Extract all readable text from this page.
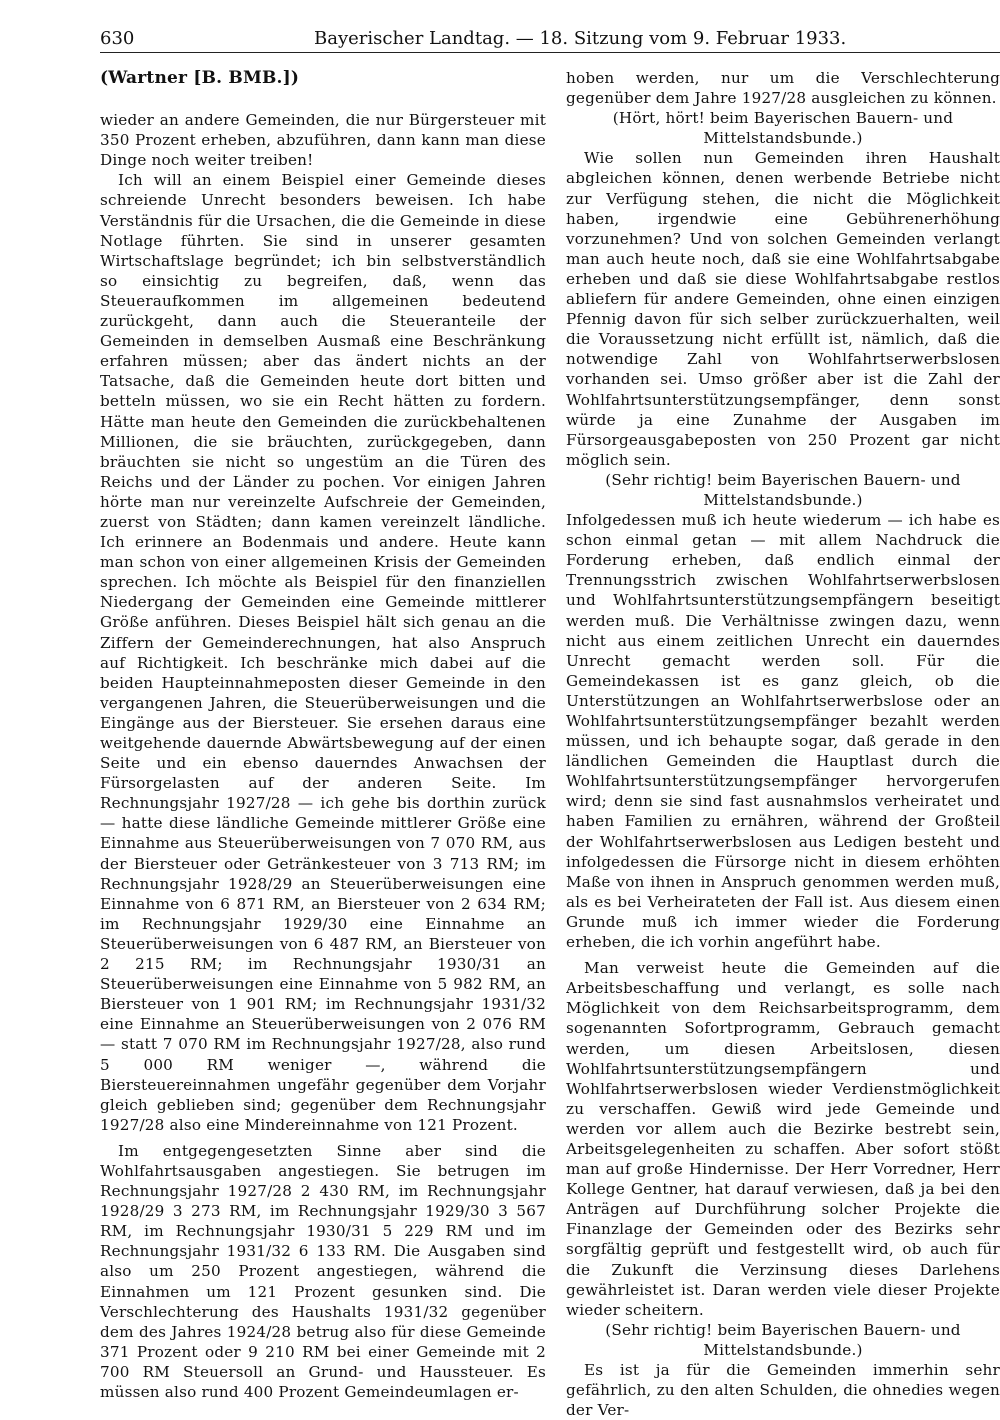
630	Bayerischer Landtag. — 18. Sitzung vom 9. Februar 1933.
(Wartner [B. BMB.])

wieder an andere Gemeinden, die nur Bürgersteuer mit 350 Prozent erheben, abzuführen, dann kann man diese Dinge noch weiter treiben!

Ich will an einem Beispiel einer Gemeinde dieses schreiende Unrecht besonders beweisen. Ich habe Verständnis für die Ursachen, die die Gemeinde in diese Notlage führten. Sie sind in unserer gesamten Wirtschaftslage begründet; ich bin selbstverständlich so einsichtig zu begreifen, daß, wenn das Steueraufkommen im allgemeinen bedeutend zurückgeht, dann auch die Steueranteile der Gemeinden in demselben Ausmaß eine Beschränkung erfahren müssen; aber das ändert nichts an der Tatsache, daß die Gemeinden heute dort bitten und betteln müssen, wo sie ein Recht hätten zu fordern. Hätte man heute den Gemeinden die zurückbehaltenen Millionen, die sie bräuchten, zurückgegeben, dann bräuchten sie nicht so ungestüm an die Türen des Reichs und der Länder zu pochen. Vor einigen Jahren hörte man nur vereinzelte Aufschreie der Gemeinden, zuerst von Städten; dann kamen vereinzelt ländliche. Ich erinnere an Bodenmais und andere. Heute kann man schon von einer allgemeinen Krisis der Gemeinden sprechen. Ich möchte als Beispiel für den finanziellen Niedergang der Gemeinden eine Gemeinde mittlerer Größe anführen. Dieses Beispiel hält sich genau an die Ziffern der Gemeinderechnungen, hat also Anspruch auf Richtigkeit. Ich beschränke mich dabei auf die beiden Haupteinnahmeposten dieser Gemeinde in den vergangenen Jahren, die Steuerüberweisungen und die Eingänge aus der Biersteuer. Sie ersehen daraus eine weitgehende dauernde Abwärtsbewegung auf der einen Seite und ein ebenso dauerndes Anwachsen der Fürsorgelasten auf der anderen Seite. Im Rechnungsjahr 1927/28 — ich gehe bis dorthin zurück — hatte diese ländliche Gemeinde mittlerer Größe eine Einnahme aus Steuerüberweisungen von 7 070 RM, aus der Biersteuer oder Getränkesteuer von 3 713 RM; im Rechnungsjahr 1928/29 an Steuerüberweisungen eine Einnahme von 6 871 RM, an Biersteuer von 2 634 RM; im Rechnungsjahr 1929/30 eine Einnahme an Steuerüberweisungen von 6 487 RM, an Biersteuer von 2 215 RM; im Rechnungsjahr 1930/31 an Steuerüberweisungen eine Einnahme von 5 982 RM, an Biersteuer von 1 901 RM; im Rechnungsjahr 1931/32 eine Einnahme an Steuerüberweisungen von 2 076 RM — statt 7 070 RM im Rechnungsjahr 1927/28, also rund 5 000 RM weniger —, während die Biersteuereinnahmen ungefähr gegenüber dem Vorjahr gleich geblieben sind; gegenüber dem Rechnungsjahr 1927/28 also eine Mindereinnahme von 121 Prozent.

Im entgegengesetzten Sinne aber sind die Wohlfahrtsausgaben angestiegen. Sie betrugen im Rechnungsjahr 1927/28 2 430 RM, im Rechnungsjahr 1928/29 3 273 RM, im Rechnungsjahr 1929/30 3 567 RM, im Rechnungsjahr 1930/31 5 229 RM und im Rechnungsjahr 1931/32 6 133 RM. Die Ausgaben sind also um 250 Prozent angestiegen, während die Einnahmen um 121 Prozent gesunken sind. Die Verschlechterung des Haushalts 1931/32 gegenüber dem des Jahres 1924/28 betrug also für diese Gemeinde 371 Prozent oder 9 210 RM bei einer Gemeinde mit 2 700 RM Steuersoll an Grund- und Haussteuer. Es müssen also rund 400 Prozent Gemeindeumlagen er-

hoben werden, nur um die Verschlechterung gegenüber dem Jahre 1927/28 ausgleichen zu können.

(Hört, hört! beim Bayerischen Bauern- und Mittelstandsbunde.)

Wie sollen nun Gemeinden ihren Haushalt abgleichen können, denen werbende Betriebe nicht zur Verfügung stehen, die nicht die Möglichkeit haben, irgendwie eine Gebührenerhöhung vorzunehmen? Und von solchen Gemeinden verlangt man auch heute noch, daß sie eine Wohlfahrtsabgabe erheben und daß sie diese Wohlfahrtsabgabe restlos abliefern für andere Gemeinden, ohne einen einzigen Pfennig davon für sich selber zurückzuerhalten, weil die Voraussetzung nicht erfüllt ist, nämlich, daß die notwendige Zahl von Wohlfahrtserwerbslosen vorhanden sei. Umso größer aber ist die Zahl der Wohlfahrtsunterstützungsempfänger, denn sonst würde ja eine Zunahme der Ausgaben im Fürsorgeausgabeposten von 250 Prozent gar nicht möglich sein.

(Sehr richtig! beim Bayerischen Bauern- und Mittelstandsbunde.)

Infolgedessen muß ich heute wiederum — ich habe es schon einmal getan — mit allem Nachdruck die Forderung erheben, daß endlich einmal der Trennungsstrich zwischen Wohlfahrtserwerbslosen und Wohlfahrtsunterstützungsempfängern beseitigt werden muß. Die Verhältnisse zwingen dazu, wenn nicht aus einem zeitlichen Unrecht ein dauerndes Unrecht gemacht werden soll. Für die Gemeindekassen ist es ganz gleich, ob die Unterstützungen an Wohlfahrtserwerbslose oder an Wohlfahrtsunterstützungsempfänger bezahlt werden müssen, und ich behaupte sogar, daß gerade in den ländlichen Gemeinden die Hauptlast durch die Wohlfahrtsunterstützungsempfänger hervorgerufen wird; denn sie sind fast ausnahmslos verheiratet und haben Familien zu ernähren, während der Großteil der Wohlfahrtserwerbslosen aus Ledigen besteht und infolgedessen die Fürsorge nicht in diesem erhöhten Maße von ihnen in Anspruch genommen werden muß, als es bei Verheirateten der Fall ist. Aus diesem einen Grunde muß ich immer wieder die Forderung erheben, die ich vorhin angeführt habe.

Man verweist heute die Gemeinden auf die Arbeitsbeschaffung und verlangt, es solle nach Möglichkeit von dem Reichsarbeitsprogramm, dem sogenannten Sofortprogramm, Gebrauch gemacht werden, um diesen Arbeitslosen, diesen Wohlfahrtsunterstützungsempfängern und Wohlfahrtserwerbslosen wieder Verdienstmöglichkeit zu verschaffen. Gewiß wird jede Gemeinde und werden vor allem auch die Bezirke bestrebt sein, Arbeitsgelegenheiten zu schaffen. Aber sofort stößt man auf große Hindernisse. Der Herr Vorredner, Herr Kollege Gentner, hat darauf verwiesen, daß ja bei den Anträgen auf Durchführung solcher Projekte die Finanzlage der Gemeinden oder des Bezirks sehr sorgfältig geprüft und festgestellt wird, ob auch für die Zukunft die Verzinsung dieses Darlehens gewährleistet ist. Daran werden viele dieser Projekte wieder scheitern.

(Sehr richtig! beim Bayerischen Bauern- und Mittelstandsbunde.)

Es ist ja für die Gemeinden immerhin sehr gefährlich, zu den alten Schulden, die ohnedies wegen der Ver-
